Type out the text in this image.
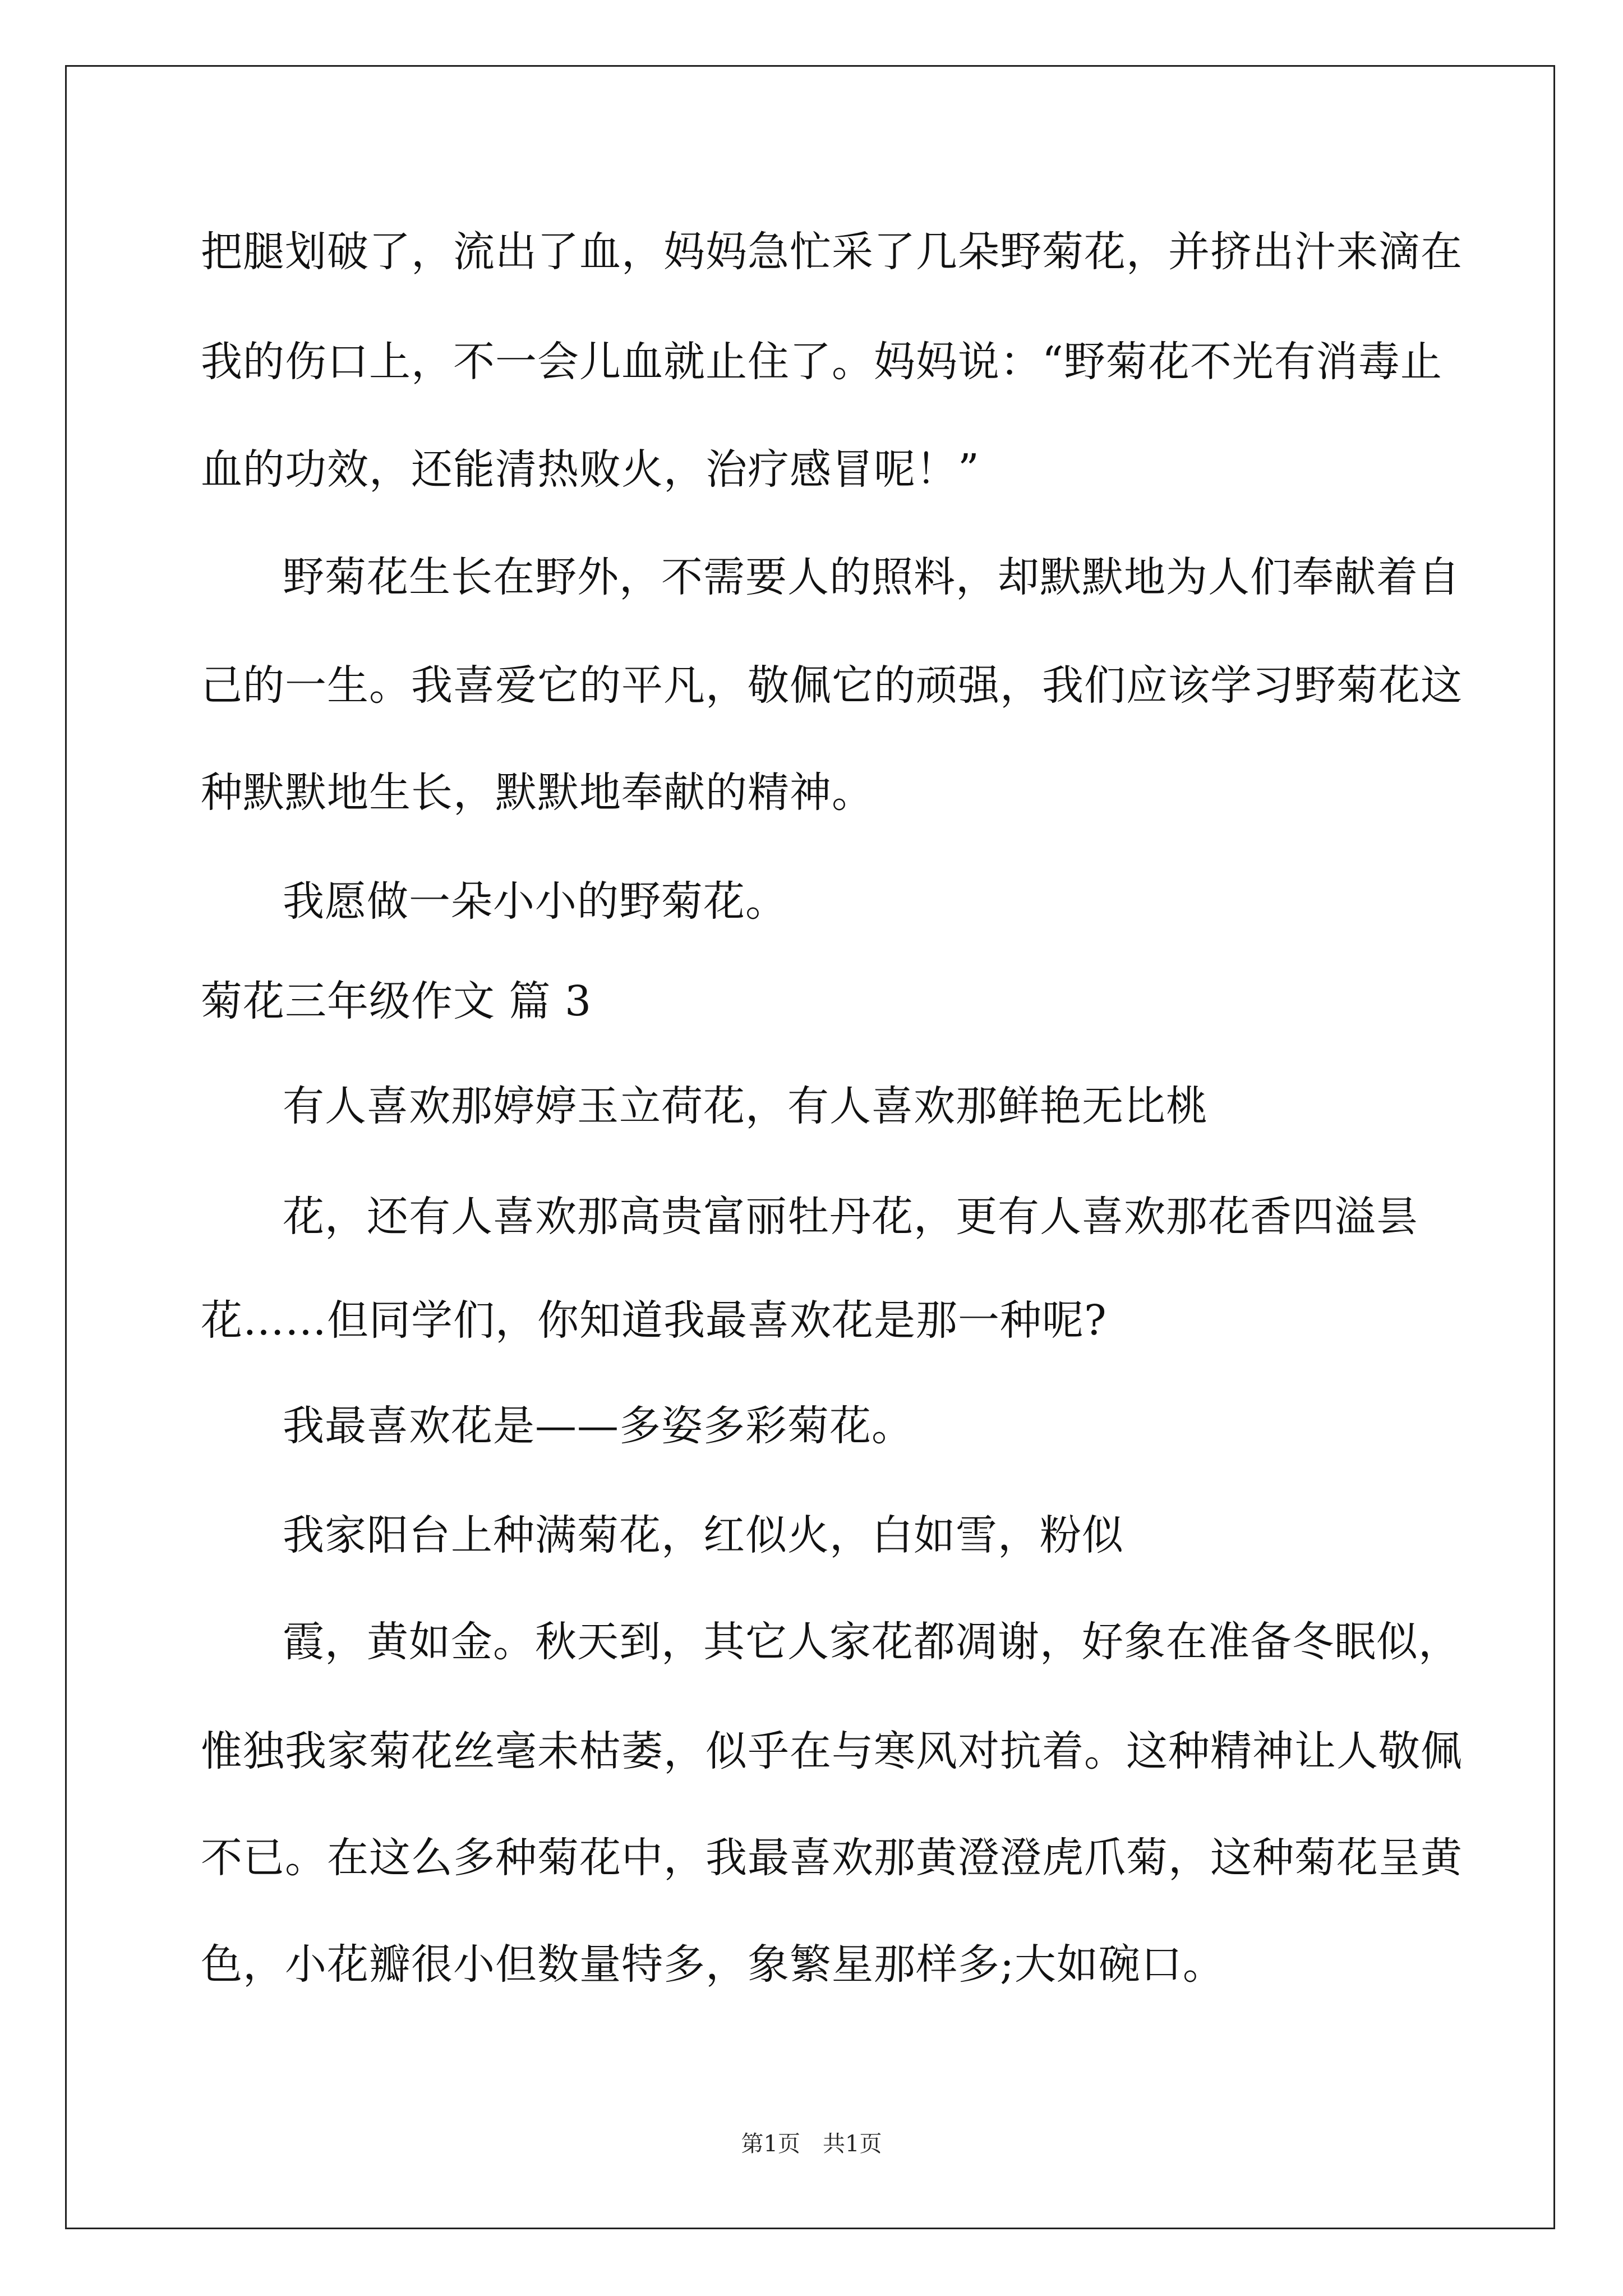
把腿划破了，流出了血，妈妈急忙采了几朵野菊花，并挤出汁来滴在
我的伤口上，不一会儿血就止住了。妈妈说：“野菊花不光有消毒止
血的功效，还能清热败火，治疗感冒呢！”
野菊花生长在野外，不需要人的照料，却默默地为人们奉献着自
己的一生。我喜爱它的平凡，敬佩它的顽强，我们应该学习野菊花这
种默默地生长，默默地奉献的精神。
我愿做一朵小小的野菊花。
菊花三年级作文 篇 3
有人喜欢那婷婷玉立荷花，有人喜欢那鲜艳无比桃
花，还有人喜欢那高贵富丽牡丹花，更有人喜欢那花香四溢昙
花……但同学们，你知道我最喜欢花是那一种呢?
我最喜欢花是——多姿多彩菊花。
我家阳台上种满菊花，红似火，白如雪，粉似
霞，黄如金。秋天到，其它人家花都凋谢，好象在准备冬眠似，
惟独我家菊花丝毫未枯萎，似乎在与寒风对抗着。这种精神让人敬佩
不已。在这么多种菊花中，我最喜欢那黄澄澄虎爪菊，这种菊花呈黄
色，小花瓣很小但数量特多，象繁星那样多;大如碗口。
第1页　共1页
